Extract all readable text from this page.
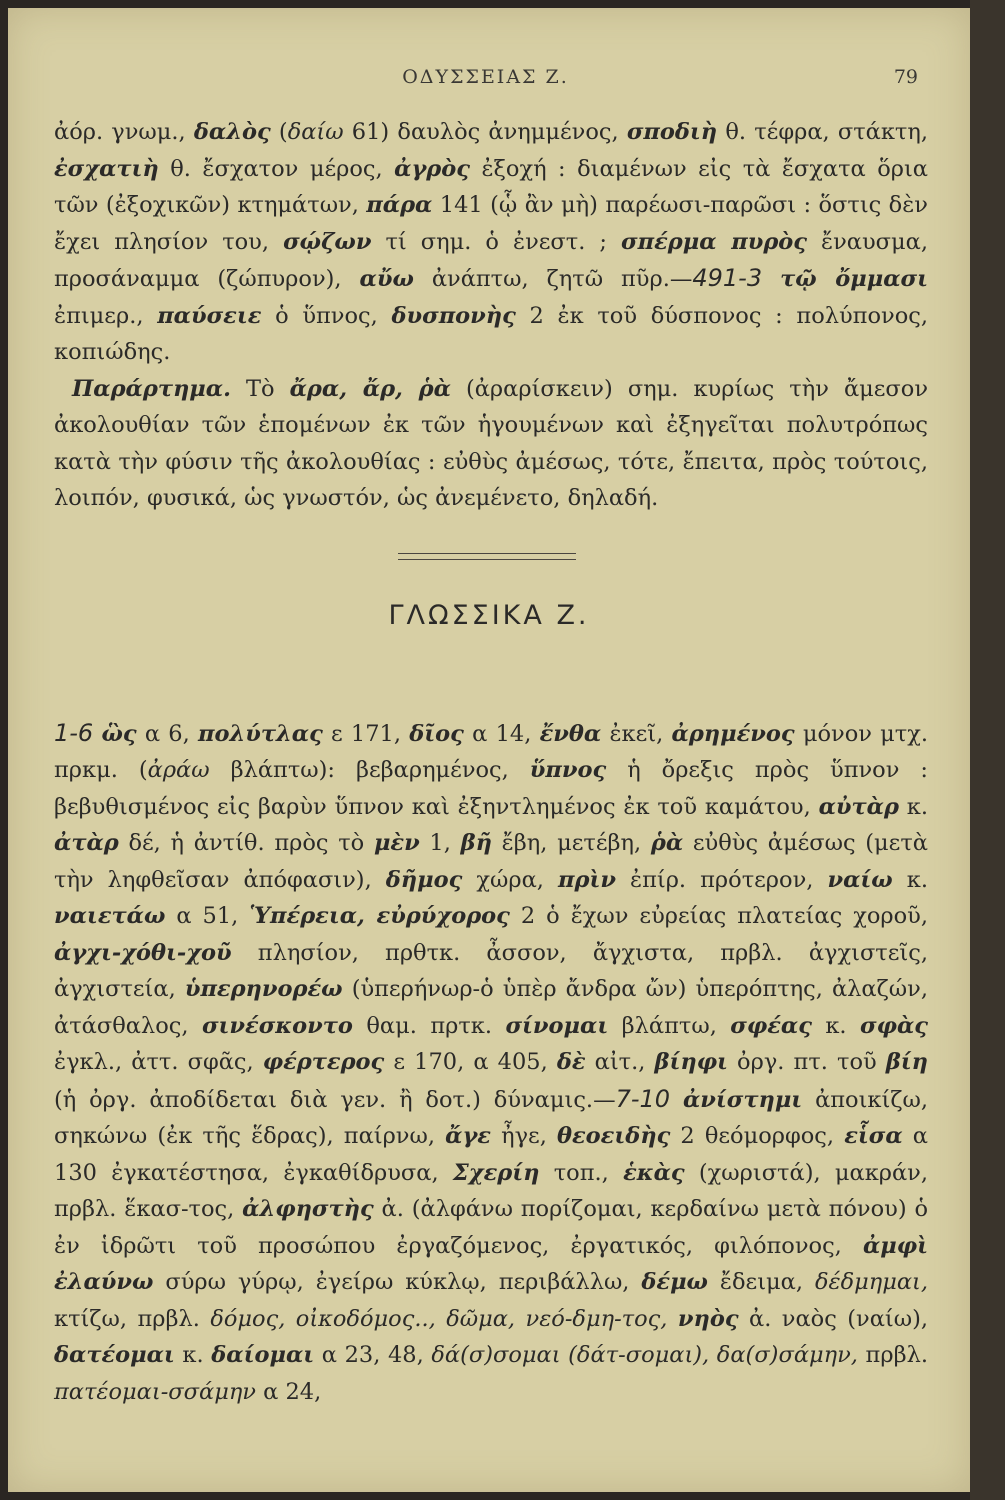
ΟΔΥΣΣΕΙΑΣ Ζ.	79

ἀόρ. γνωμ., δαλὸς (δαίω 61) δαυλὸς ἀνημμένος, σποδιὴ θ. τέφρα, στάκτη, ἐσχατιὴ θ. ἔσχατον μέρος, ἀγρὸς ἐξοχή : διαμένων εἰς τὰ ἔσχατα ὅρια τῶν (ἐξοχικῶν) κτημάτων, πάρα 141 (ᾧ ἂν μὴ) παρέωσι-παρῶσι : ὅστις δὲν ἔχει πλησίον του, σῴζων τί σημ. ὁ ἐνεστ. ; σπέρμα πυρὸς ἔναυσμα, προσάναμμα (ζώπυρον), αὔω ἀνάπτω, ζητῶ πῦρ.—491-3 τῷ ὄμμασι ἐπιμερ., παύσειε ὁ ὕπνος, δυσπονὴς 2 ἐκ τοῦ δύσπονος : πολύπονος, κοπιώδης.

Παράρτημα. Τὸ ἄρα, ἄρ, ῥὰ (ἀραρίσκειν) σημ. κυρίως τὴν ἄμεσον ἀκολουθίαν τῶν ἑπομένων ἐκ τῶν ἡγουμένων καὶ ἐξηγεῖται πολυτρόπως κατὰ τὴν φύσιν τῆς ἀκολουθίας : εὐθὺς ἀμέσως, τότε, ἔπειτα, πρὸς τούτοις, λοιπόν, φυσικά, ὡς γνωστόν, ὡς ἀνεμένετο, δηλαδή.

ΓΛΩΣΣΙΚΑ Ζ.

1-6 ὣς α 6, πολύτλας ε 171, δῖος α 14, ἔνθα ἐκεῖ, ἀρημένος μόνον μτχ. πρκμ. (ἀράω βλάπτω): βεβαρημένος, ὕπνος ἡ ὄρεξις πρὸς ὕπνον : βεβυθισμένος εἰς βαρὺν ὕπνον καὶ ἐξηντλημένος ἐκ τοῦ καμάτου, αὐτὰρ κ. ἀτὰρ δέ, ἡ ἀντίθ. πρὸς τὸ μὲν 1, βῆ ἔβη, μετέβη, ῥὰ εὐθὺς ἀμέσως (μετὰ τὴν ληφθεῖσαν ἀπόφασιν), δῆμος χώρα, πρὶν ἐπίρ. πρότερον, ναίω κ. ναιετάω α 51, Ὑπέρεια, εὐρύχορος 2 ὁ ἔχων εὐρείας πλατείας χοροῦ, ἀγχι-χόθι-χοῦ πλησίον, πρθτκ. ἆσσον, ἄγχιστα, πρβλ. ἀγχιστεῖς, ἀγχιστεία, ὑπερηνορέω (ὑπερήνωρ-ὁ ὑπὲρ ἄνδρα ὤν) ὑπερόπτης, ἀλαζών, ἀτάσθαλος, σινέσκοντο θαμ. πρτκ. σίνομαι βλάπτω, σφέας κ. σφὰς ἐγκλ., ἀττ. σφᾶς, φέρτερος ε 170, α 405, δὲ αἰτ., βίηφι ὀργ. πτ. τοῦ βίη (ἡ ὀργ. ἀποδίδεται διὰ γεν. ἢ δοτ.) δύναμις.—7-10 ἀνίστημι ἀποικίζω, σηκώνω (ἐκ τῆς ἕδρας), παίρνω, ἄγε ἦγε, θεοειδὴς 2 θεόμορφος, εἷσα α 130 ἐγκατέστησα, ἐγκαθίδρυσα, Σχερίη τοπ., ἑκὰς (χωριστά), μακράν, πρβλ. ἕκασ-τος, ἀλφηστὴς ἀ. (ἀλφάνω πορίζομαι, κερδαίνω μετὰ πόνου) ὁ ἐν ἱδρῶτι τοῦ προσώπου ἐργαζόμενος, ἐργατικός, φιλόπονος, ἀμφὶ ἐλαύνω σύρω γύρῳ, ἐγείρω κύκλῳ, περιβάλλω, δέμω ἔδειμα, δέδμημαι, κτίζω, πρβλ. δόμος, οἰκοδόμος.., δῶμα, νεό-δμη-τος, νηὸς ἀ. ναὸς (ναίω), δατέομαι κ. δαίομαι α 23, 48, δά(σ)σομαι (δάτ-σομαι), δα(σ)σάμην, πρβλ. πατέομαι-σσάμην α 24,
